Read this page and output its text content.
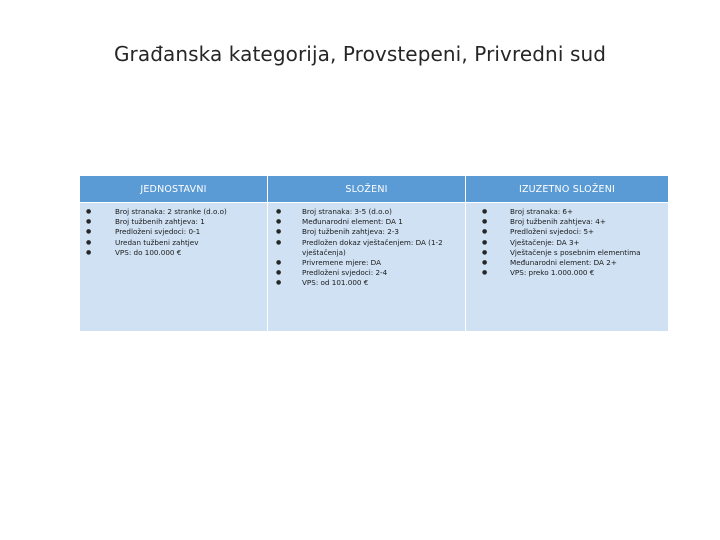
Građanska kategorija, Provstepeni, Privredni sud
JEDNOSTAVNI
●	Broj stranaka: 2 stranke (d.o.o)
●	Broj tužbenih zahtjeva: 1
●	Predloženi svjedoci: 0-1
●	Uredan tužbeni zahtjev
●	VPS: do 100.000 €
SLOŽENI
●	Broj stranaka: 3-5 (d.o.o)
●	Međunarodni element: DA 1
●	Broj tužbenih zahtjeva: 2-3
●	Predložen dokaz vještačenjem: DA (1-2
vještačenja)
●	Privremene mjere: DA
●	Predloženi svjedoci: 2-4
●	VPS: od 101.000 €
IZUZETNO SLOŽENI
●	Broj stranaka: 6+
●	Broj tužbenih zahtjeva: 4+
●	Predloženi svjedoci: 5+
●	Vještačenje: DA 3+
●	Vještačenje s posebnim elementima
●	Međunarodni element: DA 2+
●	VPS: preko 1.000.000 €
